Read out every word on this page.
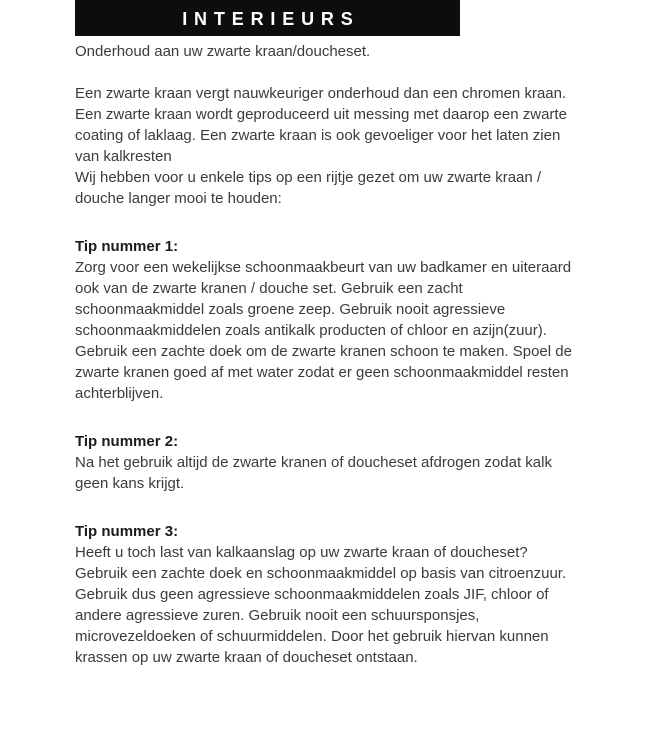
INTERIEURS

Onderhoud aan uw zwarte kraan/doucheset.

Een zwarte kraan vergt nauwkeuriger onderhoud dan een chromen kraan. Een zwarte kraan wordt geproduceerd uit messing met daarop een zwarte coating of laklaag. Een zwarte kraan is ook gevoeliger voor het laten zien van kalkresten

Wij hebben voor u enkele tips op een rijtje gezet om uw zwarte kraan / douche langer mooi te houden:

Tip nummer 1:

Zorg voor een wekelijkse schoonmaakbeurt van uw badkamer en uiteraard ook van de zwarte kranen / douche set. Gebruik een zacht schoonmaakmiddel zoals groene zeep. Gebruik nooit agressieve schoonmaakmiddelen zoals antikalk producten of chloor en azijn(zuur).

Gebruik een zachte doek om de zwarte kranen schoon te maken. Spoel de zwarte kranen goed af met water zodat er geen schoonmaakmiddel resten achterblijven.

Tip nummer 2:

Na het gebruik altijd de zwarte kranen of doucheset afdrogen zodat kalk geen kans krijgt.

Tip nummer 3:

Heeft u toch last van kalkaanslag op uw zwarte kraan of doucheset? Gebruik een zachte doek en schoonmaakmiddel op basis van citroenzuur. Gebruik dus geen agressieve schoonmaakmiddelen zoals JIF, chloor of andere agressieve zuren. Gebruik nooit een schuursponsjes, microvezeldoeken of schuurmiddelen. Door het gebruik hiervan kunnen krassen op uw zwarte kraan of doucheset ontstaan.
